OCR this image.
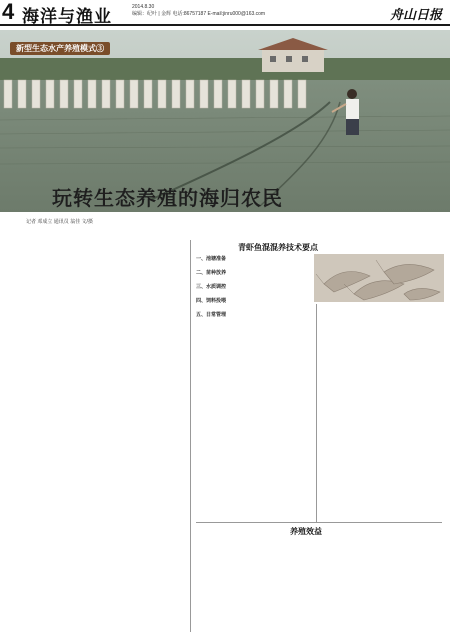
4 海洋与渔业	2014.8.30
编辑：纪叶 | 金辉 电话:86757187 E-mail:jinru000@163.com	舟山日报
新型生态水产养殖模式③
玩转生态养殖的海归农民
记者 邓成立 通讯员 翁佳 文/摄
青虾鱼混混养技术要点
一、池塘准备
二、苗种放养
三、水质调控
四、饲料投喂
五、日常管理
养殖效益
